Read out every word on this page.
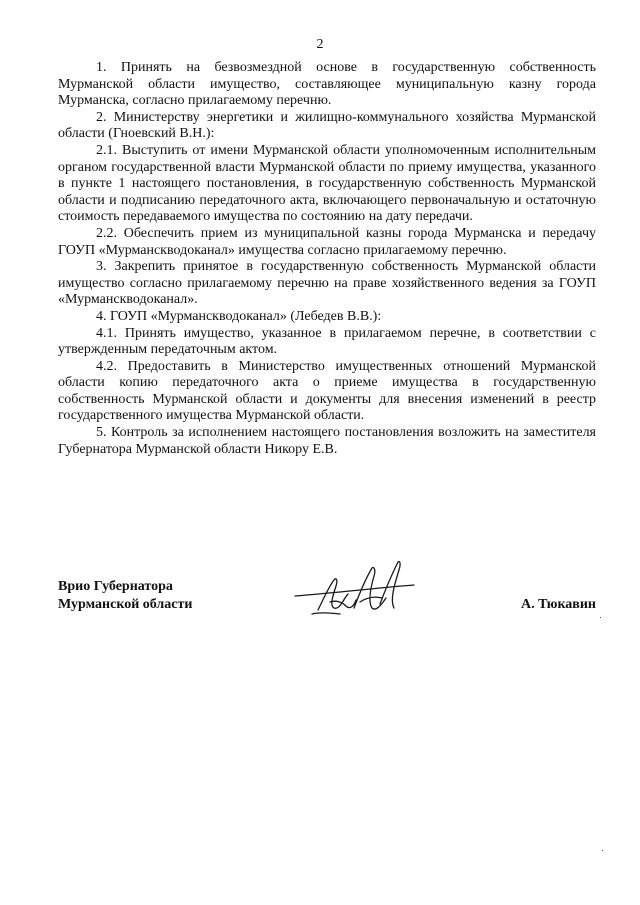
2

1. Принять на безвозмездной основе в государственную собственность Мурманской области имущество, составляющее муниципальную казну города Мурманска, согласно прилагаемому перечню.

2. Министерству энергетики и жилищно-коммунального хозяйства Мурманской области (Гноевский В.Н.):

2.1. Выступить от имени Мурманской области уполномоченным исполнительным органом государственной власти Мурманской области по приему имущества, указанного в пункте 1 настоящего постановления, в государственную собственность Мурманской области и подписанию передаточного акта, включающего первоначальную и остаточную стоимость передаваемого имущества по состоянию на дату передачи.

2.2. Обеспечить прием из муниципальной казны города Мурманска и передачу ГОУП «Мурманскводоканал» имущества согласно прилагаемому перечню.

3. Закрепить принятое в государственную собственность Мурманской области имущество согласно прилагаемому перечню на праве хозяйственного ведения за ГОУП «Мурманскводоканал».

4. ГОУП «Мурманскводоканал» (Лебедев В.В.):

4.1. Принять имущество, указанное в прилагаемом перечне, в соответствии с утвержденным передаточным актом.

4.2. Предоставить в Министерство имущественных отношений Мурманской области копию передаточного акта о приеме имущества в государственную собственность Мурманской области и документы для внесения изменений в реестр государственного имущества Мурманской области.

5. Контроль за исполнением настоящего постановления возложить на заместителя Губернатора Мурманской области Никору Е.В.

Врио Губернатора
Мурманской области	А. Тюкавин
